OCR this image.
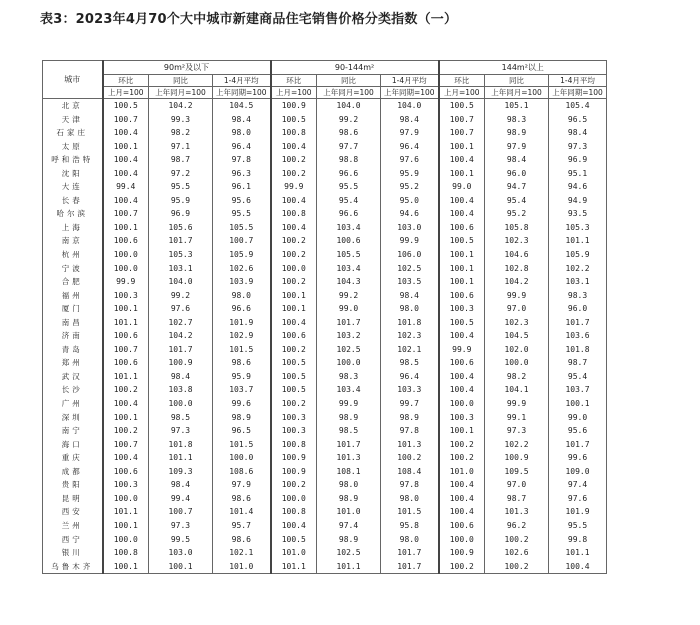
表3：2023年4月70个大中城市新建商品住宅销售价格分类指数（一）
城市	90m²及以下			90-144m²			144m²以上		
	环比	同比	1-4月平均	环比	同比	1-4月平均	环比	同比	1-4月平均
	上月=100	上年同月=100	上年同期=100	上月=100	上年同月=100	上年同期=100	上月=100	上年同月=100	上年同期=100
北京	100.5	104.2	104.5	100.9	104.0	104.0	100.5	105.1	105.4
天津	100.7	99.3	98.4	100.5	99.2	98.4	100.7	98.3	96.5
石家庄	100.4	98.2	98.0	100.8	98.6	97.9	100.7	98.9	98.4
太原	100.1	97.1	96.4	100.4	97.7	96.4	100.1	97.9	97.3
呼和浩特	100.4	98.7	97.8	100.2	98.8	97.6	100.4	98.4	96.9
沈阳	100.4	97.2	96.3	100.2	96.6	95.9	100.1	96.0	95.1
大连	99.4	95.5	96.1	99.9	95.5	95.2	99.0	94.7	94.6
长春	100.4	95.9	95.6	100.4	95.4	95.0	100.4	95.4	94.9
哈尔滨	100.7	96.9	95.5	100.8	96.6	94.6	100.4	95.2	93.5
上海	100.1	105.6	105.5	100.4	103.4	103.0	100.6	105.8	105.3
南京	100.6	101.7	100.7	100.2	100.6	99.9	100.5	102.3	101.1
杭州	100.0	105.3	105.9	100.2	105.5	106.0	100.1	104.6	105.9
宁波	100.0	103.1	102.6	100.0	103.4	102.5	100.1	102.8	102.2
合肥	99.9	104.0	103.9	100.2	104.3	103.5	100.1	104.2	103.1
福州	100.3	99.2	98.0	100.1	99.2	98.4	100.6	99.9	98.3
厦门	100.1	97.6	96.6	100.1	99.0	98.0	100.3	97.0	96.0
南昌	101.1	102.7	101.9	100.4	101.7	101.8	100.5	102.3	101.7
济南	100.6	104.2	102.9	100.6	103.2	102.3	100.4	104.5	103.6
青岛	100.7	101.7	101.5	100.2	102.5	102.1	99.9	102.0	101.8
郑州	100.6	100.9	98.6	100.5	100.0	98.5	100.6	100.0	98.7
武汉	101.1	98.4	95.9	100.5	98.3	96.4	100.4	98.2	95.4
长沙	100.2	103.8	103.7	100.5	103.4	103.3	100.4	104.1	103.7
广州	100.4	100.0	99.6	100.2	99.9	99.7	100.0	99.9	100.1
深圳	100.1	98.5	98.9	100.3	98.9	98.9	100.3	99.1	99.0
南宁	100.2	97.3	96.5	100.3	98.5	97.8	100.1	97.3	95.6
海口	100.7	101.8	101.5	100.8	101.7	101.3	100.2	102.2	101.7
重庆	100.4	101.1	100.0	100.9	101.3	100.2	100.2	100.9	99.6
成都	100.6	109.3	108.6	100.9	108.1	108.4	101.0	109.5	109.0
贵阳	100.3	98.4	97.9	100.2	98.0	97.8	100.4	97.0	97.4
昆明	100.0	99.4	98.6	100.0	98.9	98.0	100.4	98.7	97.6
西安	101.1	100.7	101.4	100.8	101.0	101.5	100.4	101.3	101.9
兰州	100.1	97.3	95.7	100.4	97.4	95.8	100.6	96.2	95.5
西宁	100.0	99.5	98.6	100.5	98.9	98.0	100.0	100.2	99.8
银川	100.8	103.0	102.1	101.0	102.5	101.7	100.9	102.6	101.1
乌鲁木齐	100.1	100.1	101.0	101.1	101.1	101.7	100.2	100.2	100.4
